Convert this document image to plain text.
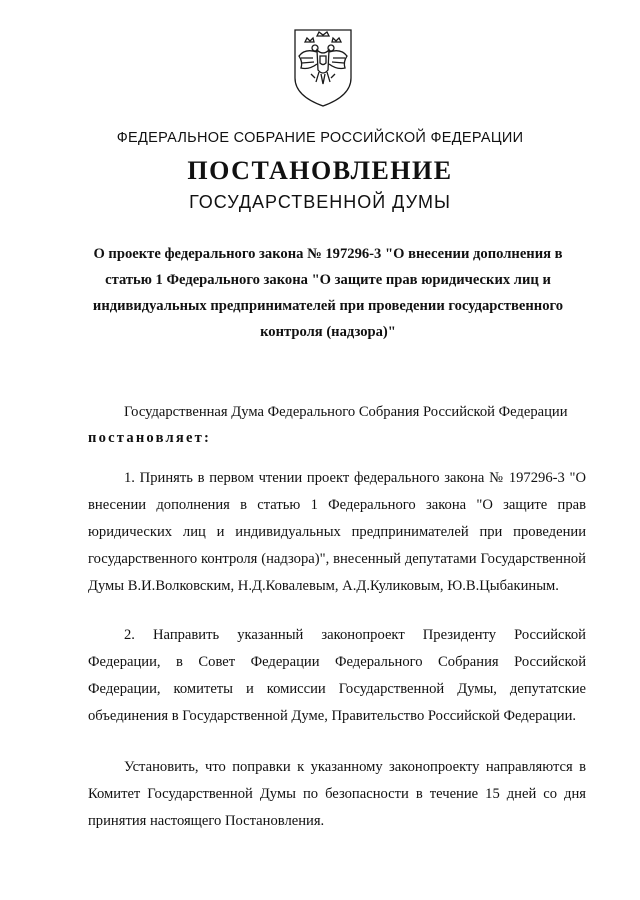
ФЕДЕРАЛЬНОЕ СОБРАНИЕ РОССИЙСКОЙ ФЕДЕРАЦИИ
ПОСТАНОВЛЕНИЕ
ГОСУДАРСТВЕННОЙ ДУМЫ
О проекте федерального закона № 197296-3 "О внесении дополнения в статью 1 Федерального закона "О защите прав юридических лиц и индивидуальных предпринимателей при проведении государственного контроля (надзора)"
Государственная Дума Федерального Собрания Российской Федерации
постановляет:
1. Принять в первом чтении проект федерального закона № 197296-3 "О внесении дополнения в статью 1 Федерального закона "О защите прав юридических лиц и индивидуальных предпринимателей при проведении государственного контроля (надзора)", внесенный депутатами Государственной Думы В.И.Волковским, Н.Д.Ковалевым, А.Д.Куликовым, Ю.В.Цыбакиным.
2. Направить указанный законопроект Президенту Российской Федерации, в Совет Федерации Федерального Собрания Российской Федерации, комитеты и комиссии Государственной Думы, депутатские объединения в Государственной Думе, Правительство Российской Федерации.
Установить, что поправки к указанному законопроекту направляются в Комитет Государственной Думы по безопасности в течение 15 дней со дня принятия настоящего Постановления.
